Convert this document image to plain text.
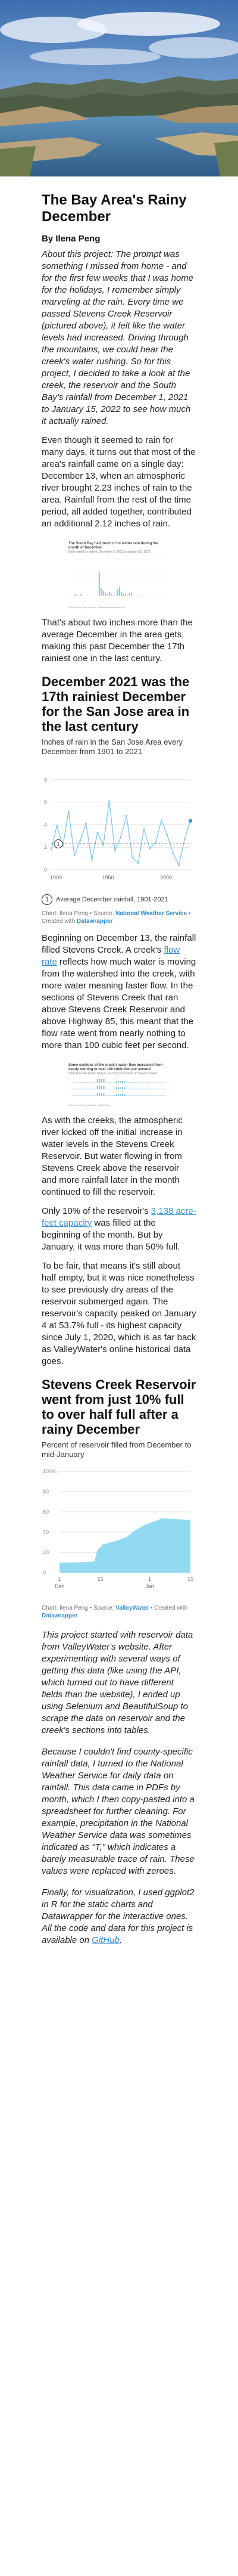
The Bay Area's Rainy December
By Ilena Peng

About this project: The prompt was something I missed from home - and for the first few weeks that I was home for the holidays, I remember simply marveling at the rain. Every time we passed Stevens Creek Reservoir (pictured above), it felt like the water levels had increased. Driving through the mountains, we could hear the creek's water rushing. So for this project, I decided to take a look at the creek, the reservoir and the South Bay's rainfall from December 1, 2021 to January 15, 2022 to see how much it actually rained.

Even though it seemed to rain for many days, it turns out that most of the area's rainfall came on a single day: December 13, when an atmospheric river brought 2.23 inches of rain to the area. Rainfall from the rest of the time period, all added together, contributed an additional 2.12 inches of rain.

The South Bay had much of its winter rain during the month of December
Daily rainfall in inches, December 1, 2021 to January 15, 2022
Chart: Ilena Peng • Source: National Weather Service

That's about two inches more than the average December in the area gets, making this past December the 17th rainiest one in the last century.

December 2021 was the 17th rainiest December for the San Jose area in the last century
Inches of rain in the San Jose Area every December from 1901 to 2021
0
2
4
6
8
1
1900	1950	2000
1	Average December rainfall, 1901-2021
Chart: Ilena Peng • Source: National Weather Service • Created with Datawrapper

Beginning on December 13, the rainfall filled Stevens Creek. A creek's flow rate reflects how much water is moving from the watershed into the creek, with more water meaning faster flow. In the sections of Stevens Creek that ran above Stevens Creek Reservoir and above Highway 85, this meant that the flow rate went from nearly nothing to more than 100 cubic feet per second.

Some sections of the creek's water flow increased from nearly nothing to over 100 cubic feet per second
Daily flow rate (cubic feet per second) of sections of Stevens Creek
Chart: Ilena Peng • Source: ValleyWater

As with the creeks, the atmospheric river kicked off the initial increase in water levels in the Stevens Creek Reservoir. But water flowing in from Stevens Creek above the reservoir and more rainfall later in the month continued to fill the reservoir.

Only 10% of the reservoir's 3,138 acre-feet capacity was filled at the beginning of the month. But by January, it was more than 50% full.

To be fair, that means it's still about half empty, but it was nice nonetheless to see previously dry areas of the reservoir submerged again. The reservoir's capacity peaked on January 4 at 53.7% full - its highest capacity since July 1, 2020, which is as far back as ValleyWater's online historical data goes.

Stevens Creek Reservoir went from just 10% full to over half full after a rainy December
Percent of reservoir filled from December to mid-January
0
20
40
60
80
100%
1	15	1	15
Dec	Jan
Chart: Ilena Peng • Source: ValleyWater • Created with Datawrapper

This project started with reservoir data from ValleyWater's website. After experimenting with several ways of getting this data (like using the API, which turned out to have different fields than the website), I ended up using Selenium and BeautifulSoup to scrape the data on reservoir and the creek's sections into tables.

Because I couldn't find county-specific rainfall data, I turned to the National Weather Service for daily data on rainfall. This data came in PDFs by month, which I then copy-pasted into a spreadsheet for further cleaning. For example, precipitation in the National Weather Service data was sometimes indicated as "T," which indicates a barely measurable trace of rain. These values were replaced with zeroes.

Finally, for visualization, I used ggplot2 in R for the static charts and Datawrapper for the interactive ones. All the code and data for this project is available on GitHub.
